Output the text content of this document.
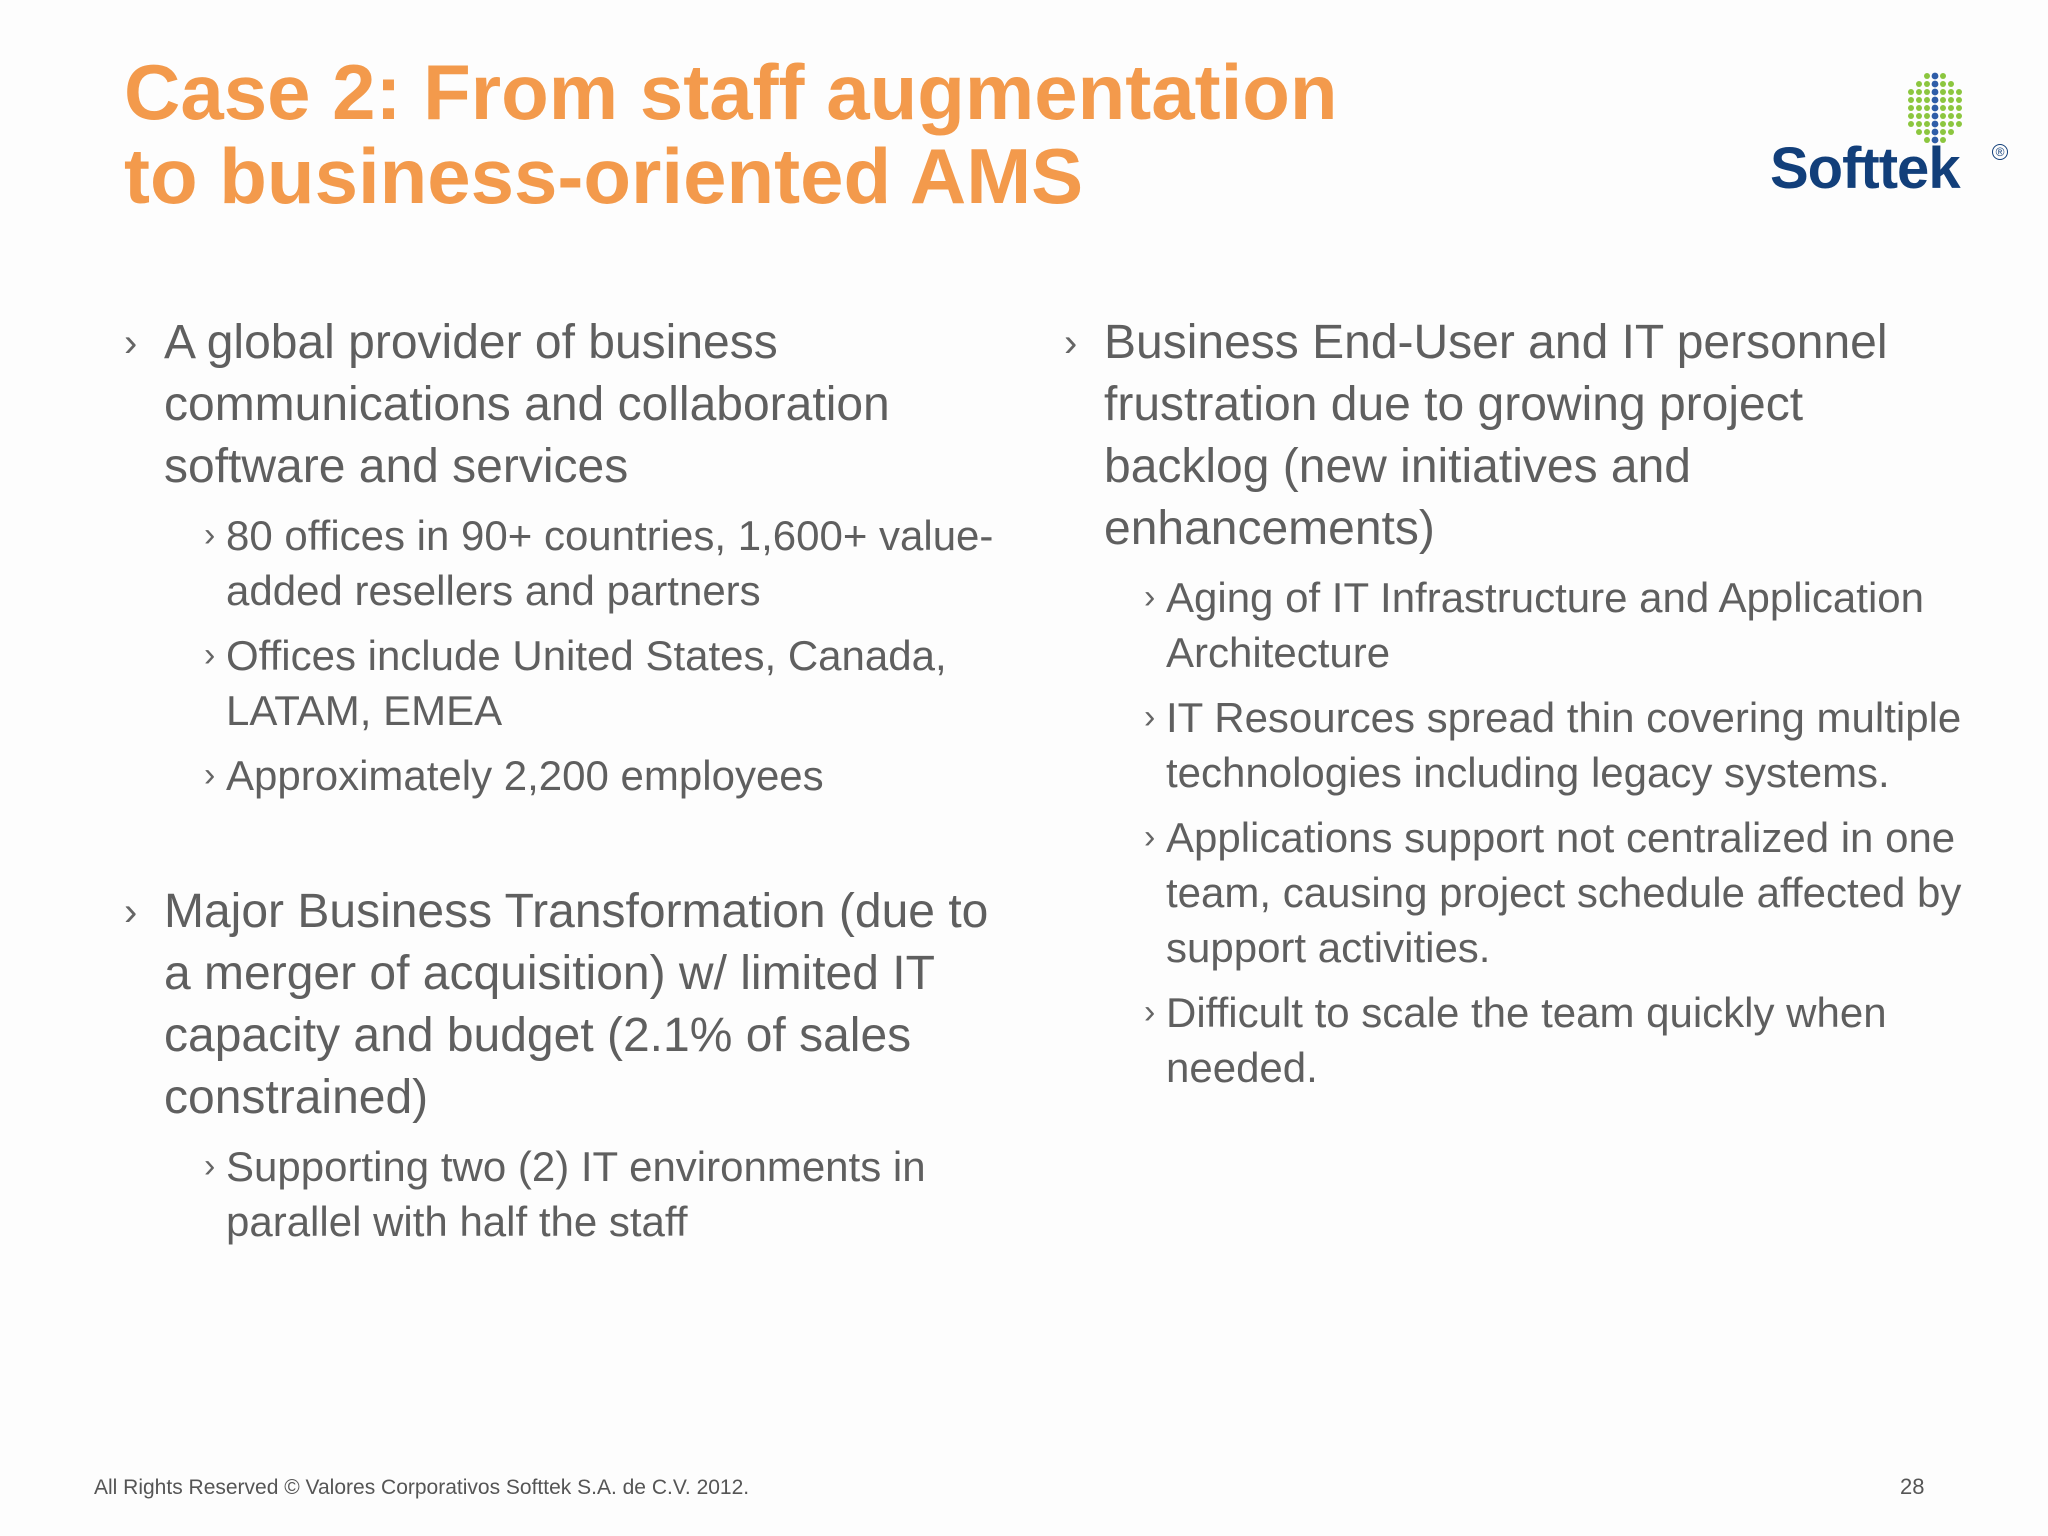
Case 2: From staff augmentation
to business-oriented AMS	Softtek	®
› A global provider of business communications and collaboration software and services
› 80 offices in 90+ countries, 1,600+ value-added resellers and partners
› Offices include United States, Canada, LATAM, EMEA
› Approximately 2,200 employees
› Major Business Transformation (due to a merger of acquisition) w/ limited IT capacity and budget (2.1% of sales constrained)
› Supporting two (2) IT environments in parallel with half the staff
› Business End-User and IT personnel frustration due to growing project backlog (new initiatives and enhancements)
› Aging of IT Infrastructure and Application Architecture
› IT Resources spread thin covering multiple technologies including legacy systems.
› Applications support not centralized in one team, causing project schedule affected by support activities.
› Difficult to scale the team quickly when needed.
All Rights Reserved © Valores Corporativos Softtek S.A. de C.V. 2012.	28
